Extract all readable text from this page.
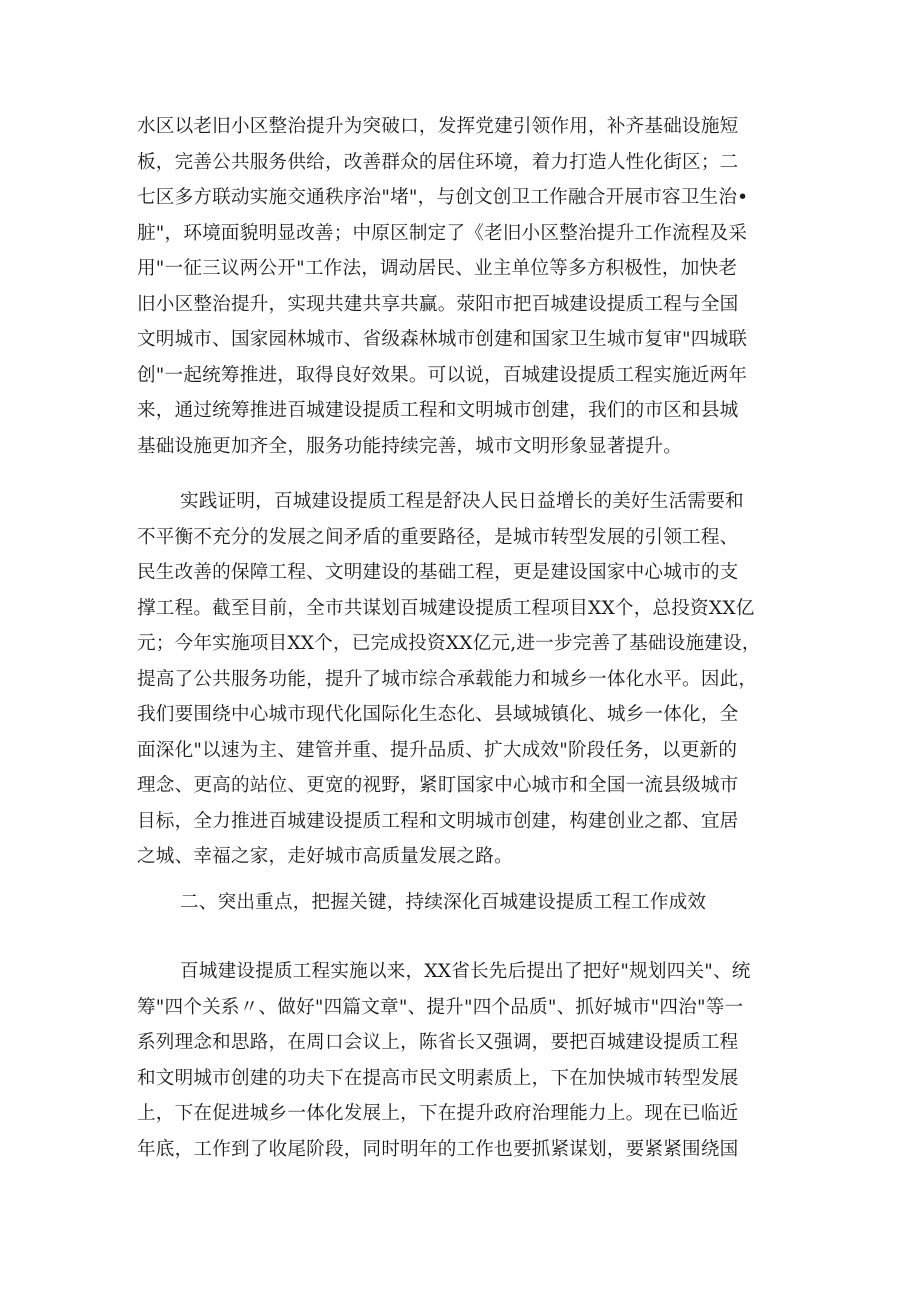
水区以老旧小区整治提升为突破口，发挥党建引领作用，补齐基础设施短
板，完善公共服务供给，改善群众的居住环境，着力打造人性化街区；二
七区多方联动实施交通秩序治"堵"，与创文创卫工作融合开展市容卫生治•
脏"，环境面貌明显改善；中原区制定了《老旧小区整治提升工作流程及采
用"一征三议两公开"工作法，调动居民、业主单位等多方积极性，加快老
旧小区整治提升，实现共建共享共赢。荥阳市把百城建设提质工程与全国
文明城市、国家园林城市、省级森林城市创建和国家卫生城市复审"四城联
创"一起统筹推进，取得良好效果。可以说，百城建设提质工程实施近两年
来，通过统筹推进百城建设提质工程和文明城市创建，我们的市区和县城
基础设施更加齐全，服务功能持续完善，城市文明形象显著提升。
实践证明，百城建设提质工程是舒决人民日益增长的美好生活需要和
不平衡不充分的发展之间矛盾的重要路径，是城市转型发展的引领工程、
民生改善的保障工程、文明建设的基础工程，更是建设国家中心城市的支
撑工程。截至目前，全市共谋划百城建设提质工程项目XX个，总投资XX亿
元；今年实施项目XX个，已完成投资XX亿元,进一步完善了基础设施建设，
提高了公共服务功能，提升了城市综合承载能力和城乡一体化水平。因此，
我们要围绕中心城市现代化国际化生态化、县域城镇化、城乡一体化，全
面深化"以速为主、建管并重、提升品质、扩大成效"阶段任务，以更新的
理念、更高的站位、更宽的视野，紧盯国家中心城市和全国一流县级城市
目标，全力推进百城建设提质工程和文明城市创建，构建创业之都、宜居
之城、幸福之家，走好城市高质量发展之路。
二、突出重点，把握关键，持续深化百城建设提质工程工作成效
百城建设提质工程实施以来，XX省长先后提出了把好"规划四关"、统
筹"四个关系〃、做好"四篇文章"、提升"四个品质"、抓好城市"四治"等一
系列理念和思路，在周口会议上，陈省长又强调，要把百城建设提质工程
和文明城市创建的功夫下在提高市民文明素质上，下在加快城市转型发展
上，下在促进城乡一体化发展上，下在提升政府治理能力上。现在已临近
年底，工作到了收尾阶段，同时明年的工作也要抓紧谋划，要紧紧围绕国
